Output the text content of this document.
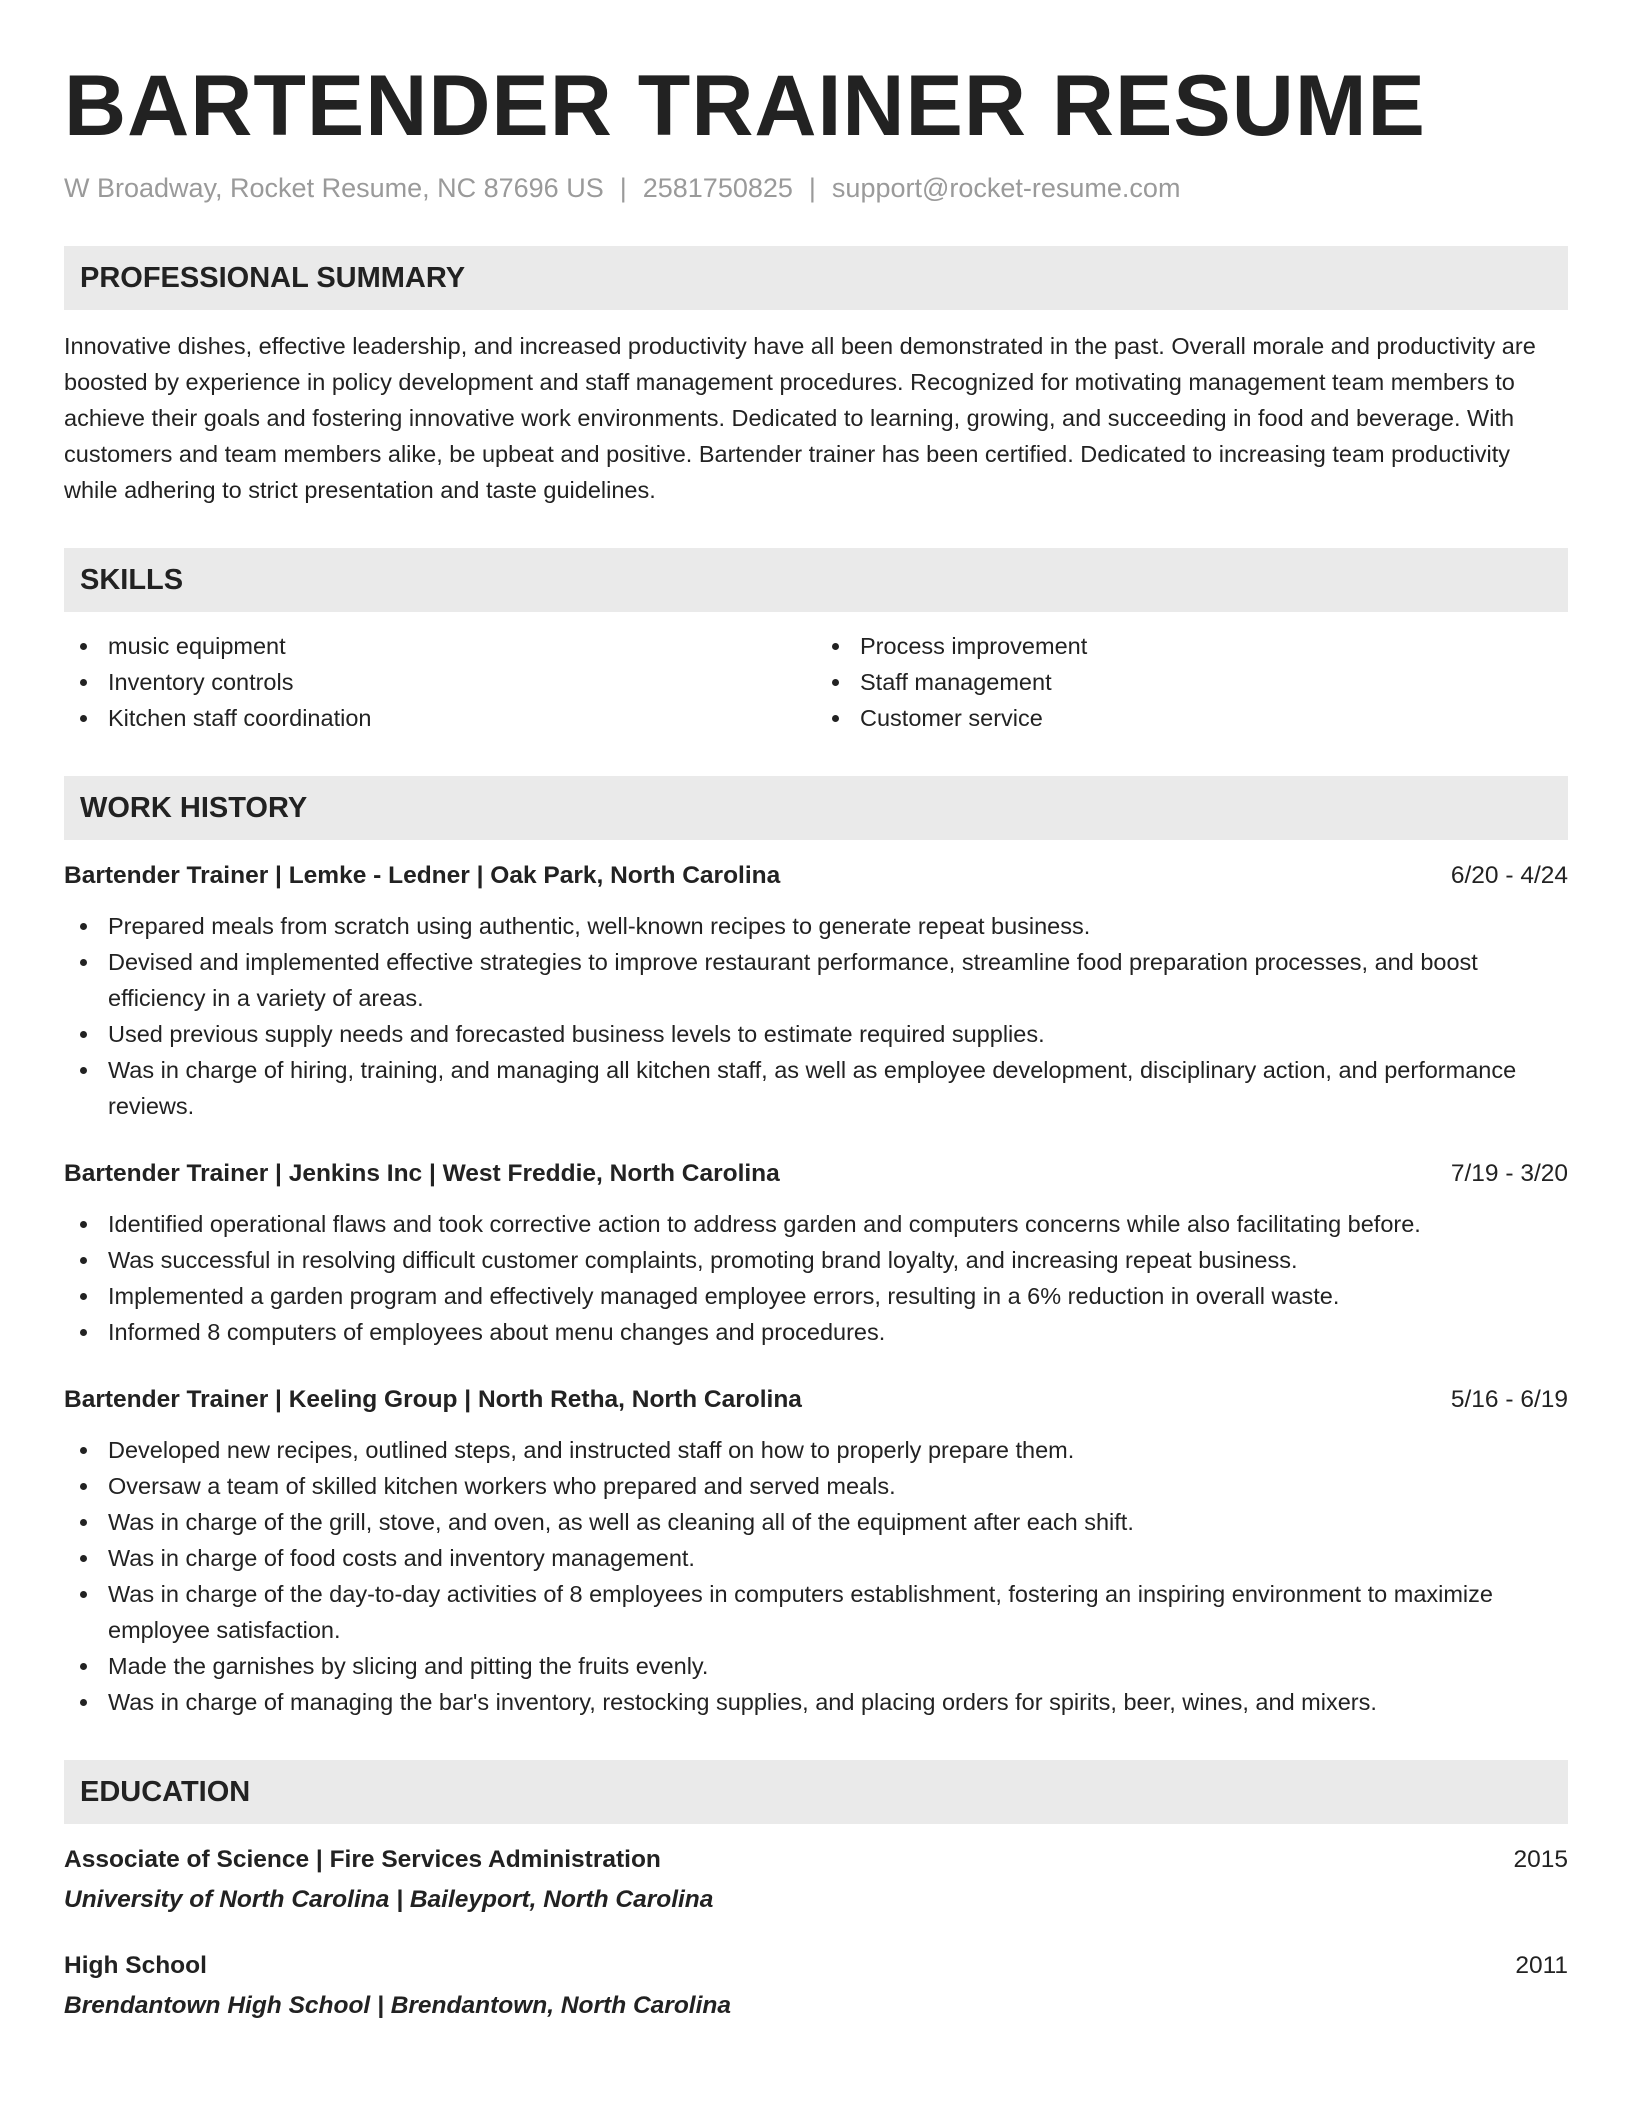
BARTENDER TRAINER RESUME
W Broadway, Rocket Resume, NC 87696 US | 2581750825 | support@rocket-resume.com
PROFESSIONAL SUMMARY
Innovative dishes, effective leadership, and increased productivity have all been demonstrated in the past. Overall morale and productivity are boosted by experience in policy development and staff management procedures. Recognized for motivating management team members to achieve their goals and fostering innovative work environments. Dedicated to learning, growing, and succeeding in food and beverage. With customers and team members alike, be upbeat and positive. Bartender trainer has been certified. Dedicated to increasing team productivity while adhering to strict presentation and taste guidelines.
SKILLS
music equipment
Inventory controls
Kitchen staff coordination
Process improvement
Staff management
Customer service
WORK HISTORY
Bartender Trainer | Lemke - Ledner | Oak Park, North Carolina	6/20 - 4/24
Prepared meals from scratch using authentic, well-known recipes to generate repeat business.
Devised and implemented effective strategies to improve restaurant performance, streamline food preparation processes, and boost efficiency in a variety of areas.
Used previous supply needs and forecasted business levels to estimate required supplies.
Was in charge of hiring, training, and managing all kitchen staff, as well as employee development, disciplinary action, and performance reviews.
Bartender Trainer | Jenkins Inc | West Freddie, North Carolina	7/19 - 3/20
Identified operational flaws and took corrective action to address garden and computers concerns while also facilitating before.
Was successful in resolving difficult customer complaints, promoting brand loyalty, and increasing repeat business.
Implemented a garden program and effectively managed employee errors, resulting in a 6% reduction in overall waste.
Informed 8 computers of employees about menu changes and procedures.
Bartender Trainer | Keeling Group | North Retha, North Carolina	5/16 - 6/19
Developed new recipes, outlined steps, and instructed staff on how to properly prepare them.
Oversaw a team of skilled kitchen workers who prepared and served meals.
Was in charge of the grill, stove, and oven, as well as cleaning all of the equipment after each shift.
Was in charge of food costs and inventory management.
Was in charge of the day-to-day activities of 8 employees in computers establishment, fostering an inspiring environment to maximize employee satisfaction.
Made the garnishes by slicing and pitting the fruits evenly.
Was in charge of managing the bar's inventory, restocking supplies, and placing orders for spirits, beer, wines, and mixers.
EDUCATION
Associate of Science | Fire Services Administration	2015
University of North Carolina | Baileyport, North Carolina
High School	2011
Brendantown High School | Brendantown, North Carolina
